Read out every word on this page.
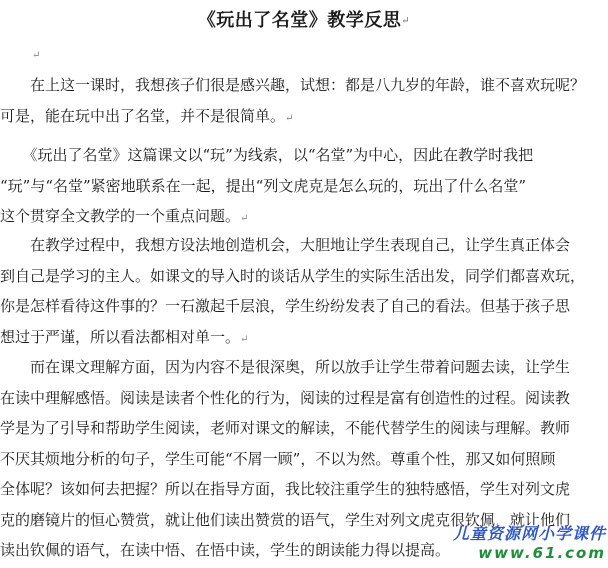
《玩出了名堂》教学反思↵
↵

　　在上这一课时，我想孩子们很是感兴趣，试想：都是八九岁的年龄，谁不喜欢玩呢？
可是，能在玩中出了名堂，并不是很简单。↵

　　《玩出了名堂》这篇课文以“玩”为线索，以“名堂”为中心，因此在教学时我把
“玩”与“名堂”紧密地联系在一起，提出“列文虎克是怎么玩的，玩出了什么名堂”
这个贯穿全文教学的一个重点问题。↵

　　在教学过程中，我想方设法地创造机会，大胆地让学生表现自己，让学生真正体会
到自己是学习的主人。如课文的导入时的谈话从学生的实际生活出发，同学们都喜欢玩，
你是怎样看待这件事的？一石激起千层浪，学生纷纷发表了自己的看法。但基于孩子思
想过于严谨，所以看法都相对单一。↵

　　而在课文理解方面，因为内容不是很深奥，所以放手让学生带着问题去读，让学生
在读中理解感悟。阅读是读者个性化的行为，阅读的过程是富有创造性的过程。阅读教
学是为了引导和帮助学生阅读，老师对课文的解读，不能代替学生的阅读与理解。教师
不厌其烦地分析的句子，学生可能“不屑一顾”，不以为然。尊重个性，那又如何照顾
全体呢？该如何去把握？所以在指导方面，我比较注重学生的独特感悟，学生对列文虎
克的磨镜片的恒心赞赏，就让他们读出赞赏的语气，学生对列文虎克很钦佩，就让他们
读出钦佩的语气，在读中悟、在悟中读，学生的朗读能力得以提高。

儿童资源网小学课件
www.61.com
